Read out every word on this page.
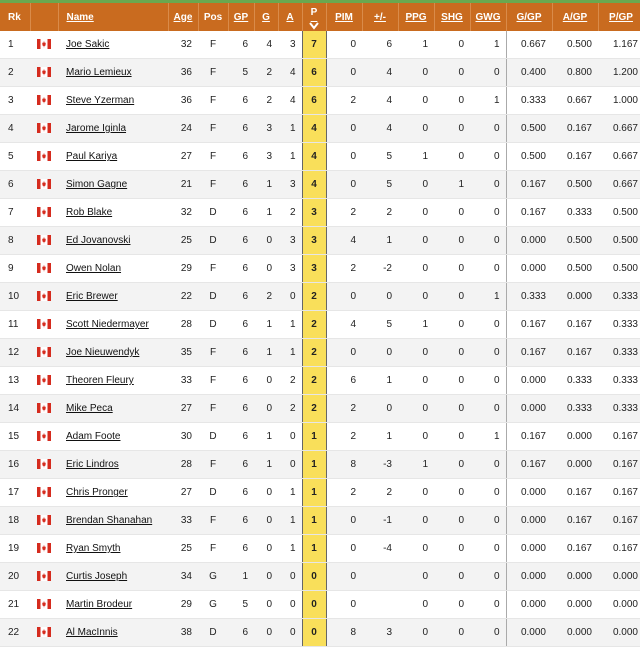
Rk		Name	Age	Pos	GP	G	A	P	PIM	+/-	PPG	SHG	GWG	G/GP	A/GP	P/GP
1		Joe Sakic	32	F	6	4	3	7	0	6	1	0	1	0.667	0.500	1.167
2		Mario Lemieux	36	F	5	2	4	6	0	4	0	0	0	0.400	0.800	1.200
3		Steve Yzerman	36	F	6	2	4	6	2	4	0	0	1	0.333	0.667	1.000
4		Jarome Iginla	24	F	6	3	1	4	0	4	0	0	0	0.500	0.167	0.667
5		Paul Kariya	27	F	6	3	1	4	0	5	1	0	0	0.500	0.167	0.667
6		Simon Gagne	21	F	6	1	3	4	0	5	0	1	0	0.167	0.500	0.667
7		Rob Blake	32	D	6	1	2	3	2	2	0	0	0	0.167	0.333	0.500
8		Ed Jovanovski	25	D	6	0	3	3	4	1	0	0	0	0.000	0.500	0.500
9		Owen Nolan	29	F	6	0	3	3	2	-2	0	0	0	0.000	0.500	0.500
10		Eric Brewer	22	D	6	2	0	2	0	0	0	0	1	0.333	0.000	0.333
11		Scott Niedermayer	28	D	6	1	1	2	4	5	1	0	0	0.167	0.167	0.333
12		Joe Nieuwendyk	35	F	6	1	1	2	0	0	0	0	0	0.167	0.167	0.333
13		Theoren Fleury	33	F	6	0	2	2	6	1	0	0	0	0.000	0.333	0.333
14		Mike Peca	27	F	6	0	2	2	2	0	0	0	0	0.000	0.333	0.333
15		Adam Foote	30	D	6	1	0	1	2	1	0	0	1	0.167	0.000	0.167
16		Eric Lindros	28	F	6	1	0	1	8	-3	1	0	0	0.167	0.000	0.167
17		Chris Pronger	27	D	6	0	1	1	2	2	0	0	0	0.000	0.167	0.167
18		Brendan Shanahan	33	F	6	0	1	1	0	-1	0	0	0	0.000	0.167	0.167
19		Ryan Smyth	25	F	6	0	1	1	0	-4	0	0	0	0.000	0.167	0.167
20		Curtis Joseph	34	G	1	0	0	0	0		0	0	0	0.000	0.000	0.000
21		Martin Brodeur	29	G	5	0	0	0	0		0	0	0	0.000	0.000	0.000
22		Al MacInnis	38	D	6	0	0	0	8	3	0	0	0	0.000	0.000	0.000
